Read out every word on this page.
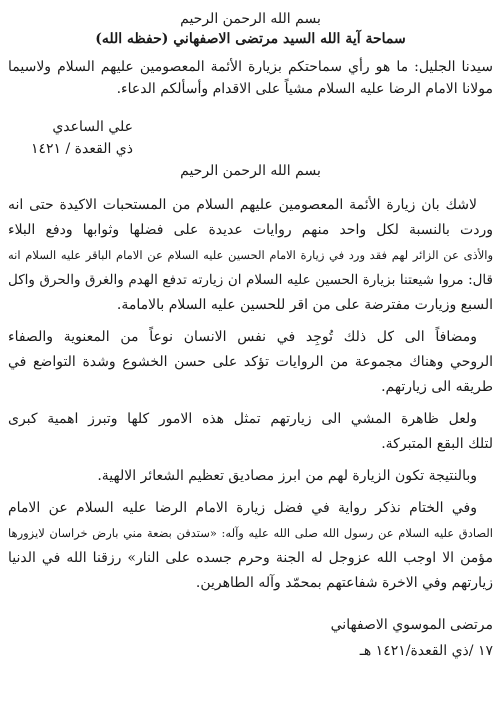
بسم الله الرحمن الرحيم
سماحة آية الله السيد مرتضى الاصفهاني (حفظه الله)
سيدنا الجليل: ما هو رأي سماحتكم بزيارة الأئمة المعصومين عليهم السلام ولاسيما
مولانا الامام الرضا عليه السلام مشياً على الاقدام وأسألكم الدعاء.
علي الساعدي
ذي القعدة / ١٤٢١
بسم الله الرحمن الرحيم
لاشك بان زيارة الأئمة المعصومين عليهم السلام من المستحبات الاكيدة حتى انه
وردت بالنسبة لكل واحد منهم روايات عديدة على فضلها وثوابها ودفع البلاء
والأذى عن الزائر لهم فقد ورد في زيارة الامام الحسين عليه السلام عن الامام الباقر عليه السلام انه
قال: مروا شيعتنا بزيارة الحسين عليه السلام ان زيارته تدفع الهدم والغرق والحرق واكل
السبع وزيارت مفترضة على من اقر للحسين عليه السلام بالامامة.
ومضافاً الى كل ذلك تُوجِد في نفس الانسان نوعاً من المعنوية والصفاء
الروحي وهناك مجموعة من الروايات تؤكد على حسن الخشوع وشدة التواضع في
طريقه الى زيارتهم.
ولعل ظاهرة المشي الى زيارتهم تمثل هذه الامور كلها وتبرز اهمية كبرى
لتلك البقع المتبركة.
وبالنتيجة تكون الزيارة لهم من ابرز مصاديق تعظيم الشعائر الالهية.
وفي الختام نذكر رواية في فضل زيارة الامام الرضا عليه السلام عن الامام
الصادق عليه السلام عن رسول الله صلى الله عليه وآله: «ستدفن بضعة مني بارض خراسان لايزورها
مؤمن الا اوجب الله عزوجل له الجنة وحرم جسده على النار» رزقنا الله في الدنيا
زيارتهم وفي الاخرة شفاعتهم بمحمّد وآله الطاهرين.
مرتضى الموسوي الاصفهاني
١٧ /ذي القعدة/١٤٢١ هـ
